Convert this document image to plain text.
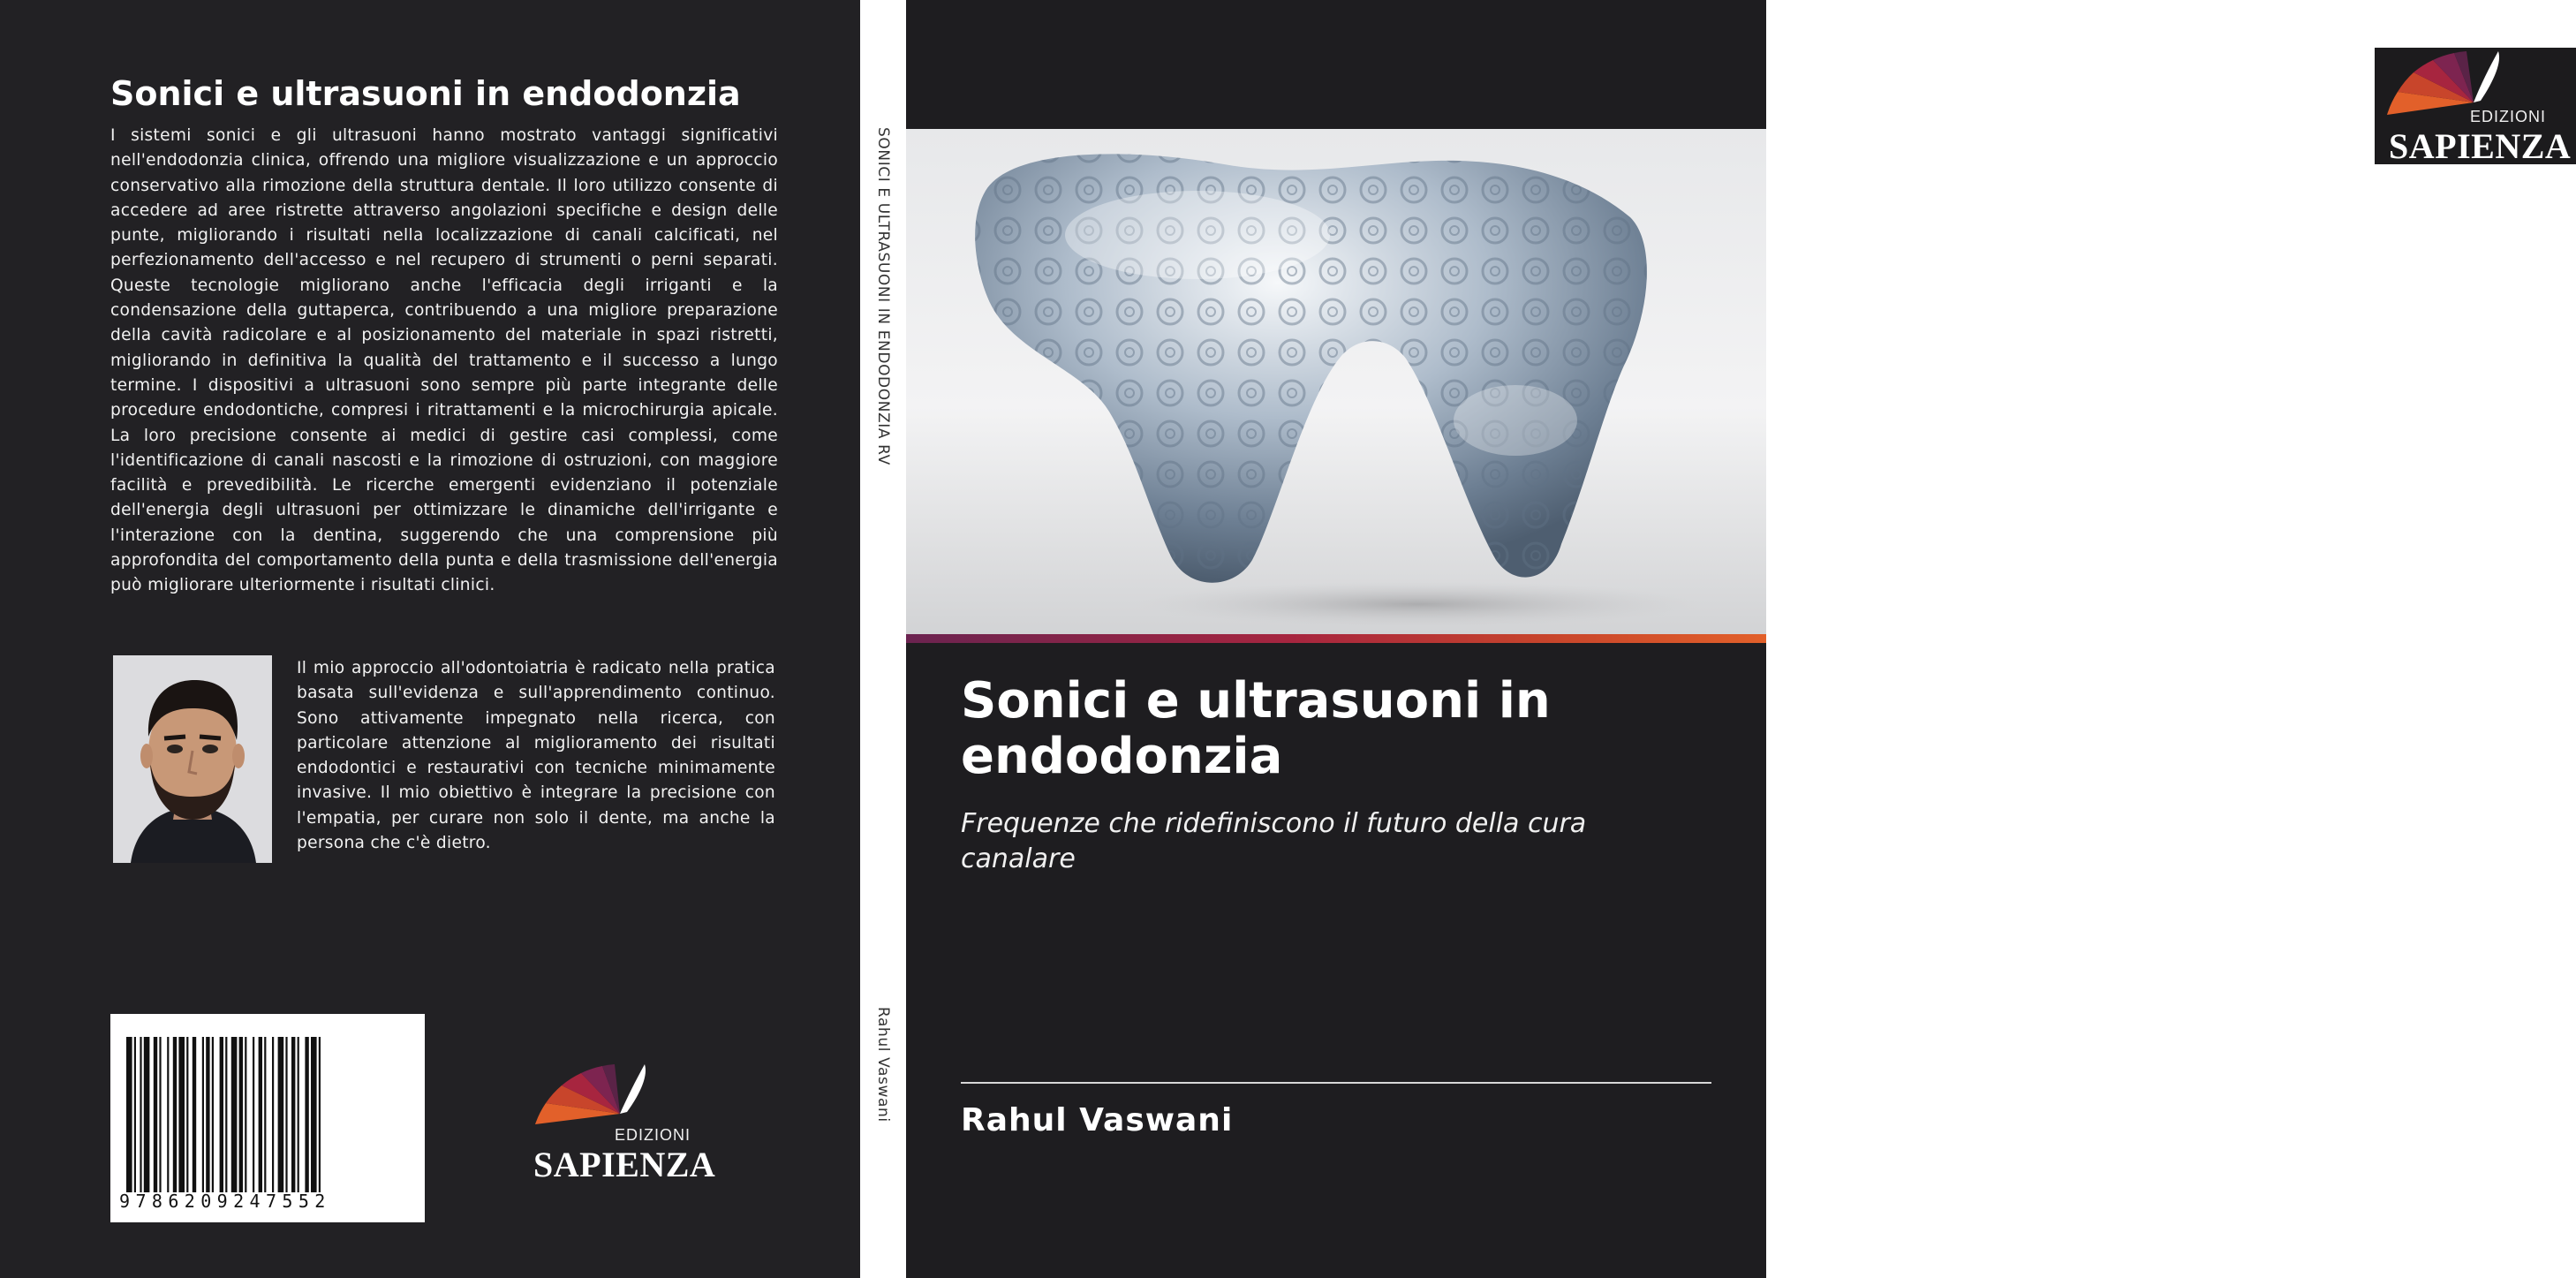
Sonici e ultrasuoni in endodonzia
I sistemi sonici e gli ultrasuoni hanno mostrato vantaggi significativi nell'endodonzia clinica, offrendo una migliore visualizzazione e un approccio conservativo alla rimozione della struttura dentale. Il loro utilizzo consente di accedere ad aree ristrette attraverso angolazioni specifiche e design delle punte, migliorando i risultati nella localizzazione di canali calcificati, nel perfezionamento dell'accesso e nel recupero di strumenti o perni separati. Queste tecnologie migliorano anche l'efficacia degli irriganti e la condensazione della guttaperca, contribuendo a una migliore preparazione della cavità radicolare e al posizionamento del materiale in spazi ristretti, migliorando in definitiva la qualità del trattamento e il successo a lungo termine. I dispositivi a ultrasuoni sono sempre più parte integrante delle procedure endodontiche, compresi i ritrattamenti e la microchirurgia apicale. La loro precisione consente ai medici di gestire casi complessi, come l'identificazione di canali nascosti e la rimozione di ostruzioni, con maggiore facilità e prevedibilità. Le ricerche emergenti evidenziano il potenziale dell'energia degli ultrasuoni per ottimizzare le dinamiche dell'irrigante e l'interazione con la dentina, suggerendo che una comprensione più approfondita del comportamento della punta e della trasmissione dell'energia può migliorare ulteriormente i risultati clinici.
Il mio approccio all'odontoiatria è radicato nella pratica basata sull'evidenza e sull'apprendimento continuo. Sono attivamente impegnato nella ricerca, con particolare attenzione al miglioramento dei risultati endodontici e restaurativi con tecniche minimamente invasive. Il mio obiettivo è integrare la precisione con l'empatia, per curare non solo il dente, ma anche la persona che c'è dietro.
9786209247552
EDIZIONI
SAPIENZA
SONICI E ULTRASUONI IN ENDODONZIA RV
Rahul Vaswani
EDIZIONI
SAPIENZA
Sonici e ultrasuoni in endodonzia
Frequenze che ridefiniscono il futuro della cura canalare
Rahul Vaswani
